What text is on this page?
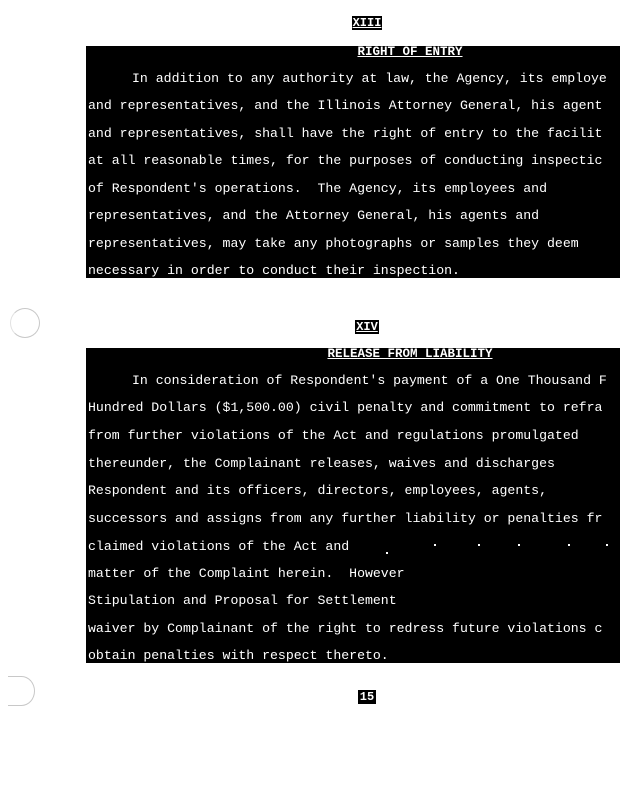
XIII
RIGHT OF ENTRY
In addition to any authority at law, the Agency, its employe
and representatives, and the Illinois Attorney General, his agent
and representatives, shall have the right of entry to the facilit
at all reasonable times, for the purposes of conducting inspectic
of Respondent's operations.  The Agency, its employees and
representatives, and the Attorney General, his agents and
representatives, may take any photographs or samples they deem
necessary in order to conduct their inspection.
XIV
RELEASE FROM LIABILITY
In consideration of Respondent's payment of a One Thousand F
Hundred Dollars ($1,500.00) civil penalty and commitment to refra
from further violations of the Act and regulations promulgated
thereunder, the Complainant releases, waives and discharges
Respondent and its officers, directors, employees, agents,
successors and assigns from any further liability or penalties fr
claimed violations of the Act and
matter of the Complaint herein.  However
Stipulation and Proposal for Settlement
waiver by Complainant of the right to redress future violations c
obtain penalties with respect thereto.
15
